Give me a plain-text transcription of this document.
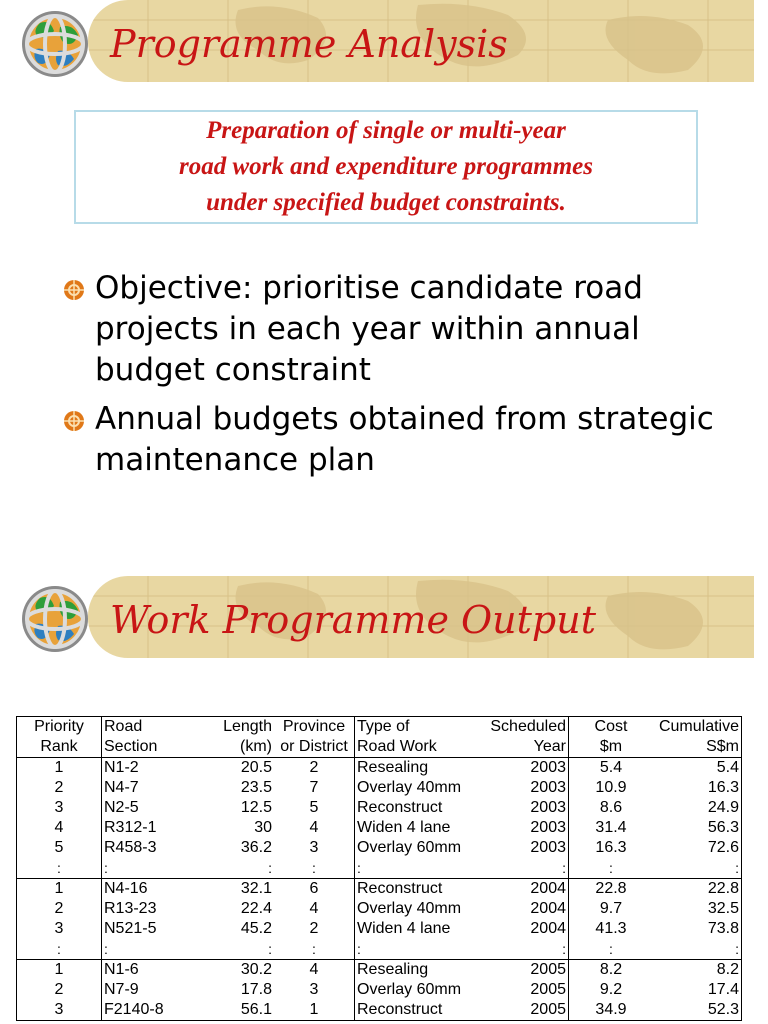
Programme Analysis
Preparation of single or multi-year
road work and expenditure programmes
under specified budget constraints.
Objective: prioritise candidate road projects in each year within annual budget constraint
Annual budgets obtained from strategic maintenance plan
Work Programme Output
Priority	Road	Length	Province	Type of	Scheduled	Cost	Cumulative
Rank	Section	(km)	or District	Road Work	Year	$m	S$m
1	N1-2	20.5	2	Resealing	2003	5.4	5.4
2	N4-7	23.5	7	Overlay 40mm	2003	10.9	16.3
3	N2-5	12.5	5	Reconstruct	2003	8.6	24.9
4	R312-1	30	4	Widen 4 lane	2003	31.4	56.3
5	R458-3	36.2	3	Overlay 60mm	2003	16.3	72.6
:	:	:	:	:	:	:	:
1	N4-16	32.1	6	Reconstruct	2004	22.8	22.8
2	R13-23	22.4	4	Overlay 40mm	2004	9.7	32.5
3	N521-5	45.2	2	Widen 4 lane	2004	41.3	73.8
:	:	:	:	:	:	:	:
1	N1-6	30.2	4	Resealing	2005	8.2	8.2
2	N7-9	17.8	3	Overlay 60mm	2005	9.2	17.4
3	F2140-8	56.1	1	Reconstruct	2005	34.9	52.3
